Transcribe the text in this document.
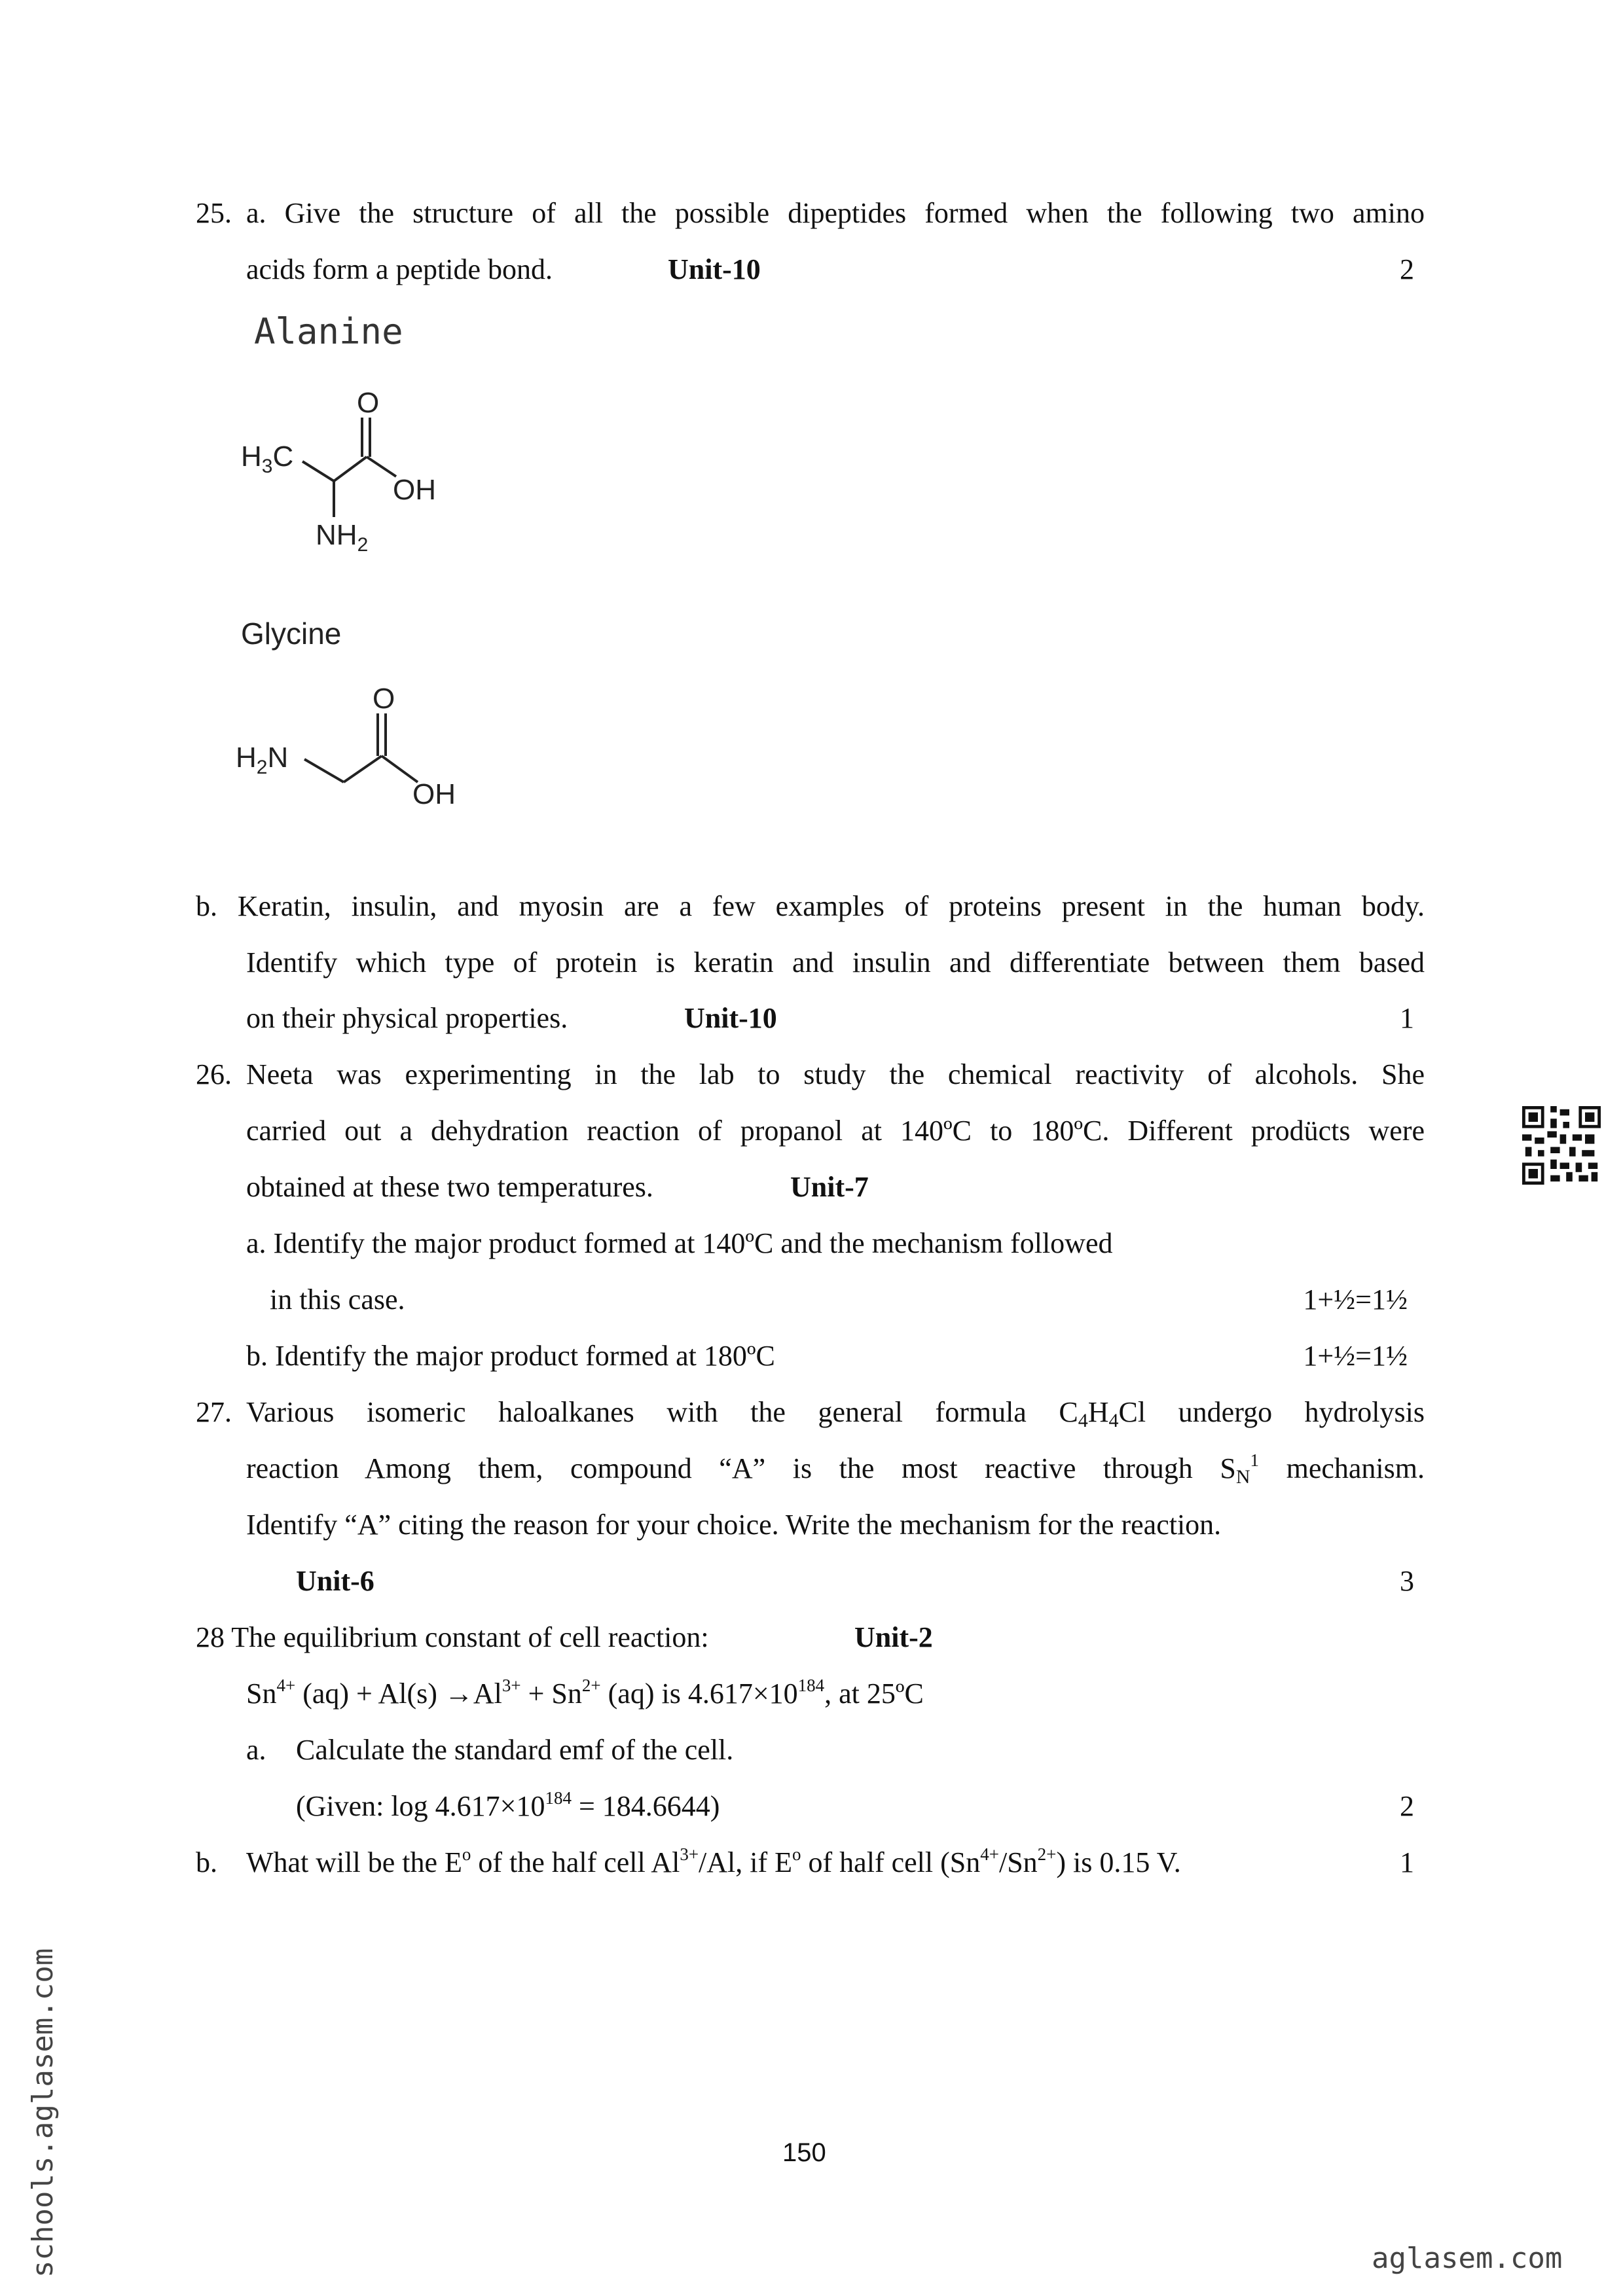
25. a. Give the structure of all the possible dipeptides formed when the following two amino
acids form a peptide bond.	Unit-10	2
Alanine
$H_3C$
O
OH
$NH_2$
Glycine
$H_2N$
O
OH
b. Keratin, insulin, and myosin are a few examples of proteins present in the human body.
Identify which type of protein is keratin and insulin and differentiate between them based
on their physical properties.	Unit-10	1
26. Neeta was experimenting in the lab to study the chemical reactivity of alcohols. She
carried out a dehydration reaction of propanol at 140ºC to 180ºC. Different prodücts were
obtained at these two temperatures.	Unit-7
a. Identify the major product formed at 140ºC and the mechanism followed
in this case.	1+½=1½
b. Identify the major product formed at 180ºC	1+½=1½
27. Various isomeric haloalkanes with the general formula $C_4H_4Cl$ undergo hydrolysis
reaction Among them, compound “A” is the most reactive through $S_N^1$ mechanism.
Identify “A” citing the reason for your choice. Write the mechanism for the reaction.
Unit-6	3
28 The equilibrium constant of cell reaction:	Unit-2
$Sn^{4+}$ $(aq) + Al(s) \to Al^{3+} + Sn^{2+}$ (aq) is $4.617\times 10^{184}$, at 25ºC
a. Calculate the standard emf of the cell.
(Given: $\log 4.617\times 10^{184} = 184.6644$)	2
b. What will be the $E^o$ of the half cell $Al^{3+}/Al$, if $E^o$ of half cell $(Sn^{4+}/Sn^{2+})$ is 0.15 V.	1
150
schools.aglasem.com	aglasem.com
